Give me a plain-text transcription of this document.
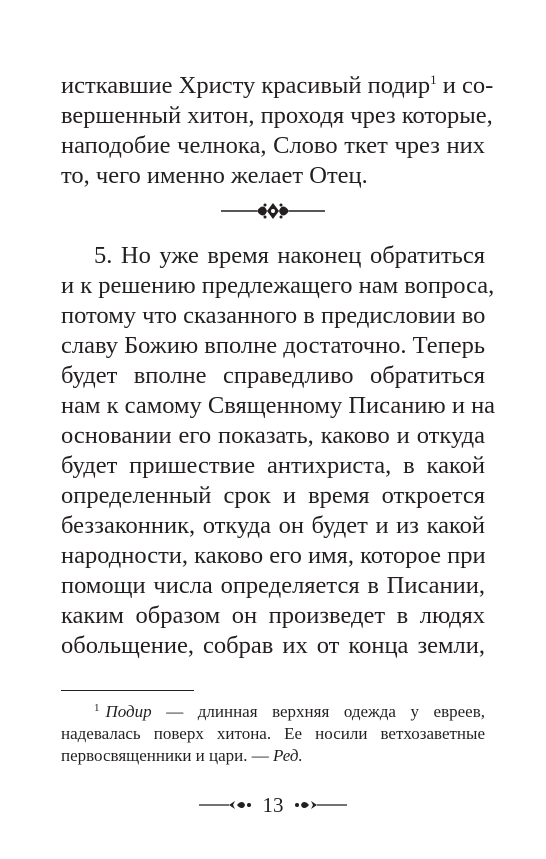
исткавшие Христу красивый подир$^1$ и со-
вершенный хитон, проходя чрез которые,
наподобие челнока, Слово ткет чрез них
то, чего именно желает Отец.
5. Но уже время наконец обратиться
и к решению предлежащего нам вопроса,
потому что сказанного в предисловии во
славу Божию вполне достаточно. Теперь
будет вполне справедливо обратиться
нам к самому Священному Писанию и на
основании его показать, каково и откуда
будет пришествие антихриста, в какой
определенный срок и время откроется
беззаконник, откуда он будет и из какой
народности, каково его имя, которое при
помощи числа определяется в Писании,
каким образом он произведет в людях
обольщение, собрав их от конца земли,
$^1$ Подир — длинная верхняя одежда у евреев,
надевалась поверх хитона. Ее носили ветхозаветные
первосвященники и цари. — Ред.
13
